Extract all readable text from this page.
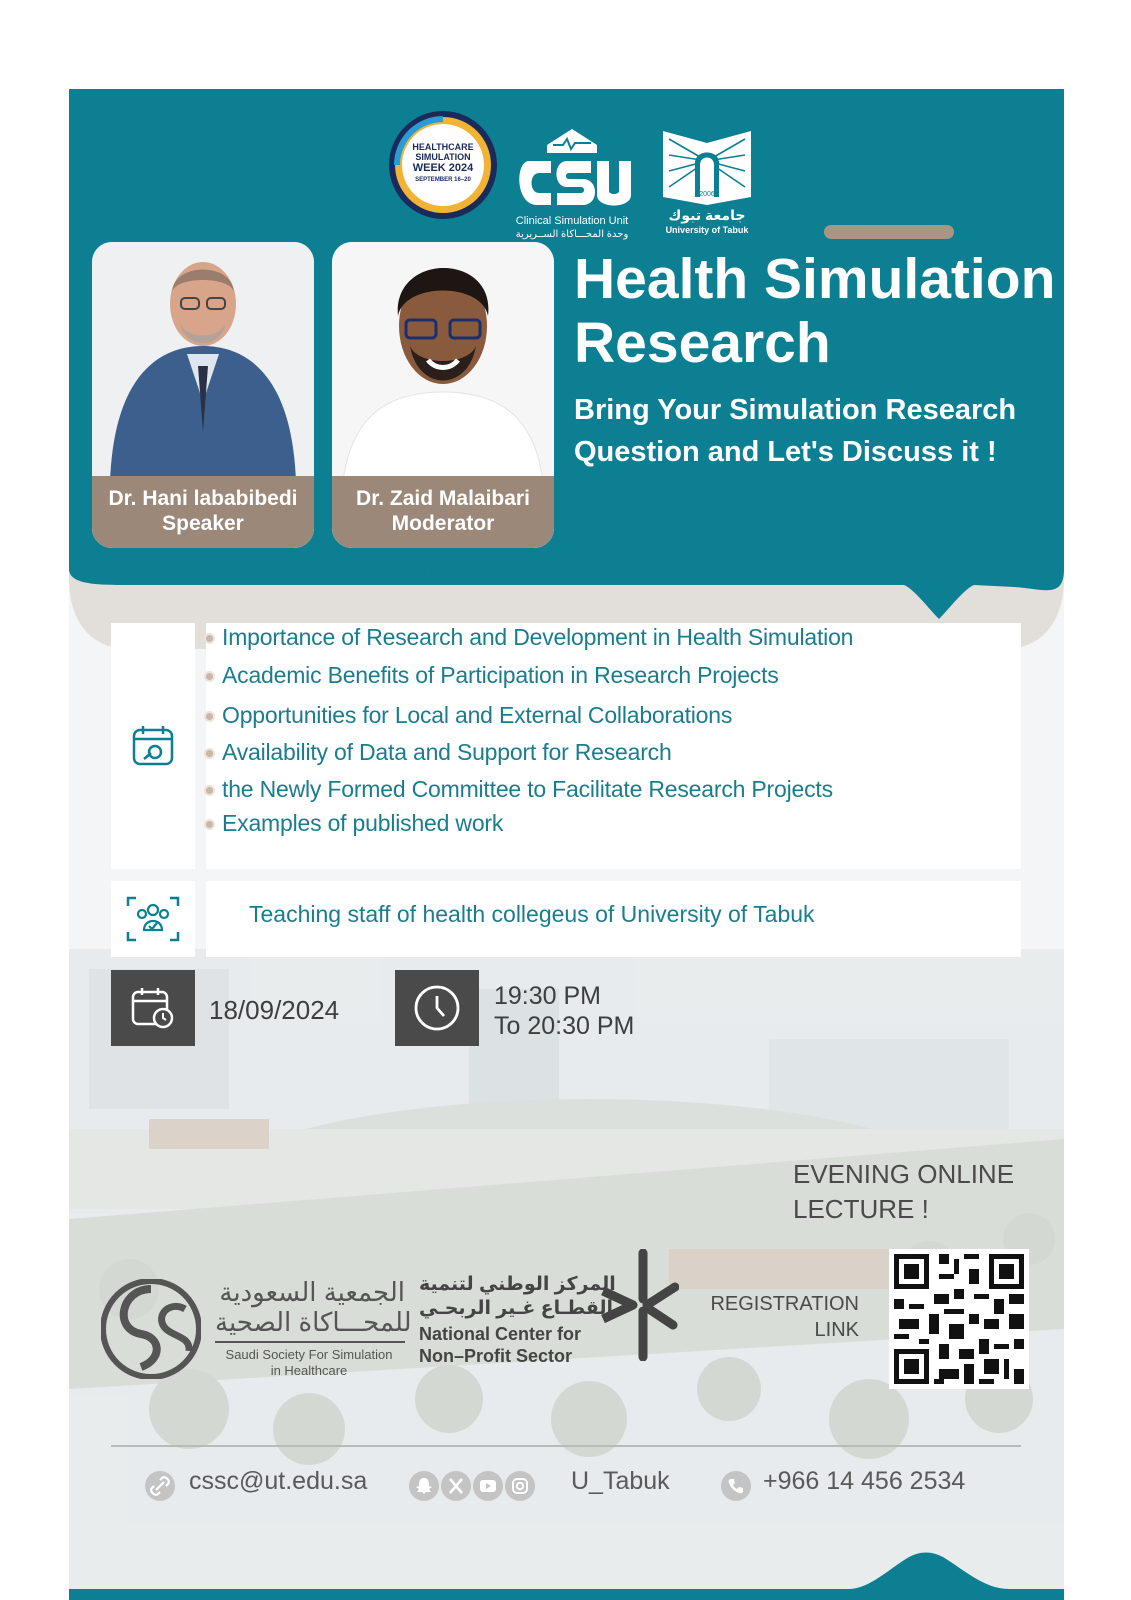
HEALTHCARE
SIMULATION
WEEK 2024
SEPTEMBER 16–20
Clinical Simulation Unit
وحدة المحـــاكاة الســريرية
١٤٢٧
2006
جامعة تبوك
University of Tabuk
Dr. Hani lababibedi
Speaker
Dr. Zaid Malaibari
Moderator
Health Simulation Research
Bring Your Simulation Research Question and Let's Discuss it !
International Simulation Week 2024
Importance of Research and Development in Health Simulation
Academic Benefits of Participation in Research Projects
Opportunities for Local and External Collaborations
Availability of Data and Support for Research
the Newly Formed Committee to Facilitate Research Projects
Examples of published work
Teaching staff of health collegeus of University of Tabuk
18/09/2024	19:30 PM
To 20:30 PM
EVENING ONLINE
LECTURE !
REGISTRATION
LINK
الجمعية السعودية
للمحـــاكاة الصحية
Saudi Society For Simulation
in Healthcare
المركز الوطني لتنمية
القطـاع غـير الربحـي
National Center for
Non–Profit Sector
cssc@ut.edu.sa	U_Tabuk	+966 14 456 2534
